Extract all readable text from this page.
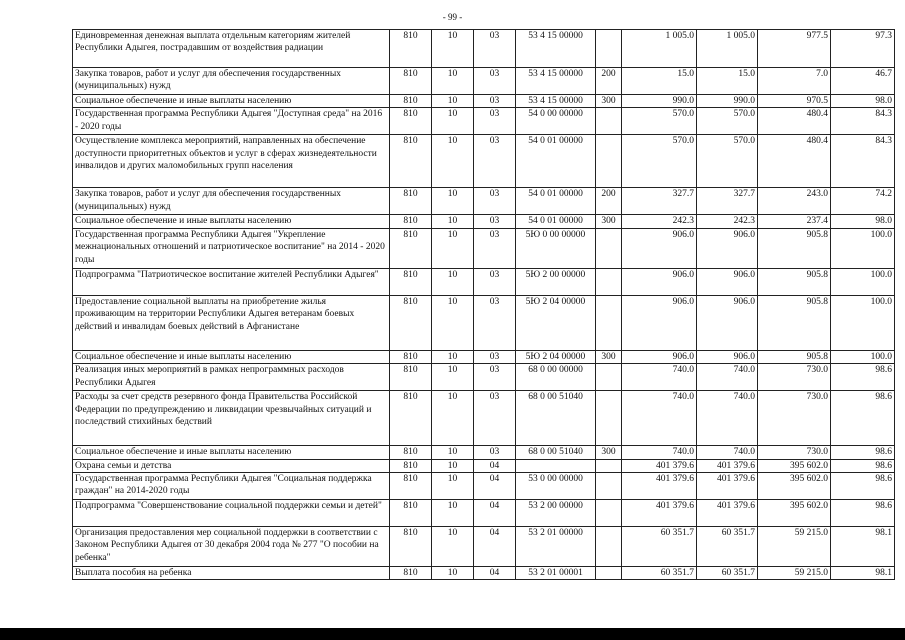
- 99 -
Единовременная денежная выплата отдельным категориям жителей Республики Адыгея, пострадавшим от воздействия радиации	810	10	03	53 4 15 00000		1 005.0	1 005.0	977.5	97.3
Закупка товаров, работ и услуг для обеспечения государственных (муниципальных) нужд	810	10	03	53 4 15 00000	200	15.0	15.0	7.0	46.7
Социальное обеспечение и иные выплаты населению	810	10	03	53 4 15 00000	300	990.0	990.0	970.5	98.0
Государственная программа Республики Адыгея "Доступная среда" на 2016 - 2020 годы	810	10	03	54 0 00 00000		570.0	570.0	480.4	84.3
Осуществление комплекса мероприятий, направленных на обеспечение доступности приоритетных объектов и услуг в сферах жизнедеятельности инвалидов и других маломобильных групп населения	810	10	03	54 0 01 00000		570.0	570.0	480.4	84.3
Закупка товаров, работ и услуг для обеспечения государственных (муниципальных) нужд	810	10	03	54 0 01 00000	200	327.7	327.7	243.0	74.2
Социальное обеспечение и иные выплаты населению	810	10	03	54 0 01 00000	300	242.3	242.3	237.4	98.0
Государственная программа Республики Адыгея "Укрепление межнациональных отношений и патриотическое воспитание" на 2014 - 2020 годы	810	10	03	5Ю 0 00 00000		906.0	906.0	905.8	100.0
Подпрограмма "Патриотическое воспитание жителей Республики Адыгея"	810	10	03	5Ю 2 00 00000		906.0	906.0	905.8	100.0
Предоставление социальной выплаты на приобретение жилья проживающим на территории Республики Адыгея ветеранам боевых действий и инвалидам боевых действий в Афганистане	810	10	03	5Ю 2 04 00000		906.0	906.0	905.8	100.0
Социальное обеспечение и иные выплаты населению	810	10	03	5Ю 2 04 00000	300	906.0	906.0	905.8	100.0
Реализация иных мероприятий в рамках непрограммных расходов Республики Адыгея	810	10	03	68 0 00 00000		740.0	740.0	730.0	98.6
Расходы за счет средств резервного фонда Правительства Российской Федерации по предупреждению и ликвидации чрезвычайных ситуаций и последствий стихийных бедствий	810	10	03	68 0 00 51040		740.0	740.0	730.0	98.6
Социальное обеспечение и иные выплаты населению	810	10	03	68 0 00 51040	300	740.0	740.0	730.0	98.6
Охрана семьи и детства	810	10	04			401 379.6	401 379.6	395 602.0	98.6
Государственная программа Республики Адыгея "Социальная поддержка граждан" на 2014-2020 годы	810	10	04	53 0 00 00000		401 379.6	401 379.6	395 602.0	98.6
Подпрограмма "Совершенствование социальной поддержки семьи и детей"	810	10	04	53 2 00 00000		401 379.6	401 379.6	395 602.0	98.6
Организация предоставления мер социальной поддержки в соответствии с Законом Республики Адыгея от 30 декабря 2004 года № 277 "О пособии на ребенка"	810	10	04	53 2 01 00000		60 351.7	60 351.7	59 215.0	98.1
Выплата пособия на ребенка	810	10	04	53 2 01 00001		60 351.7	60 351.7	59 215.0	98.1
